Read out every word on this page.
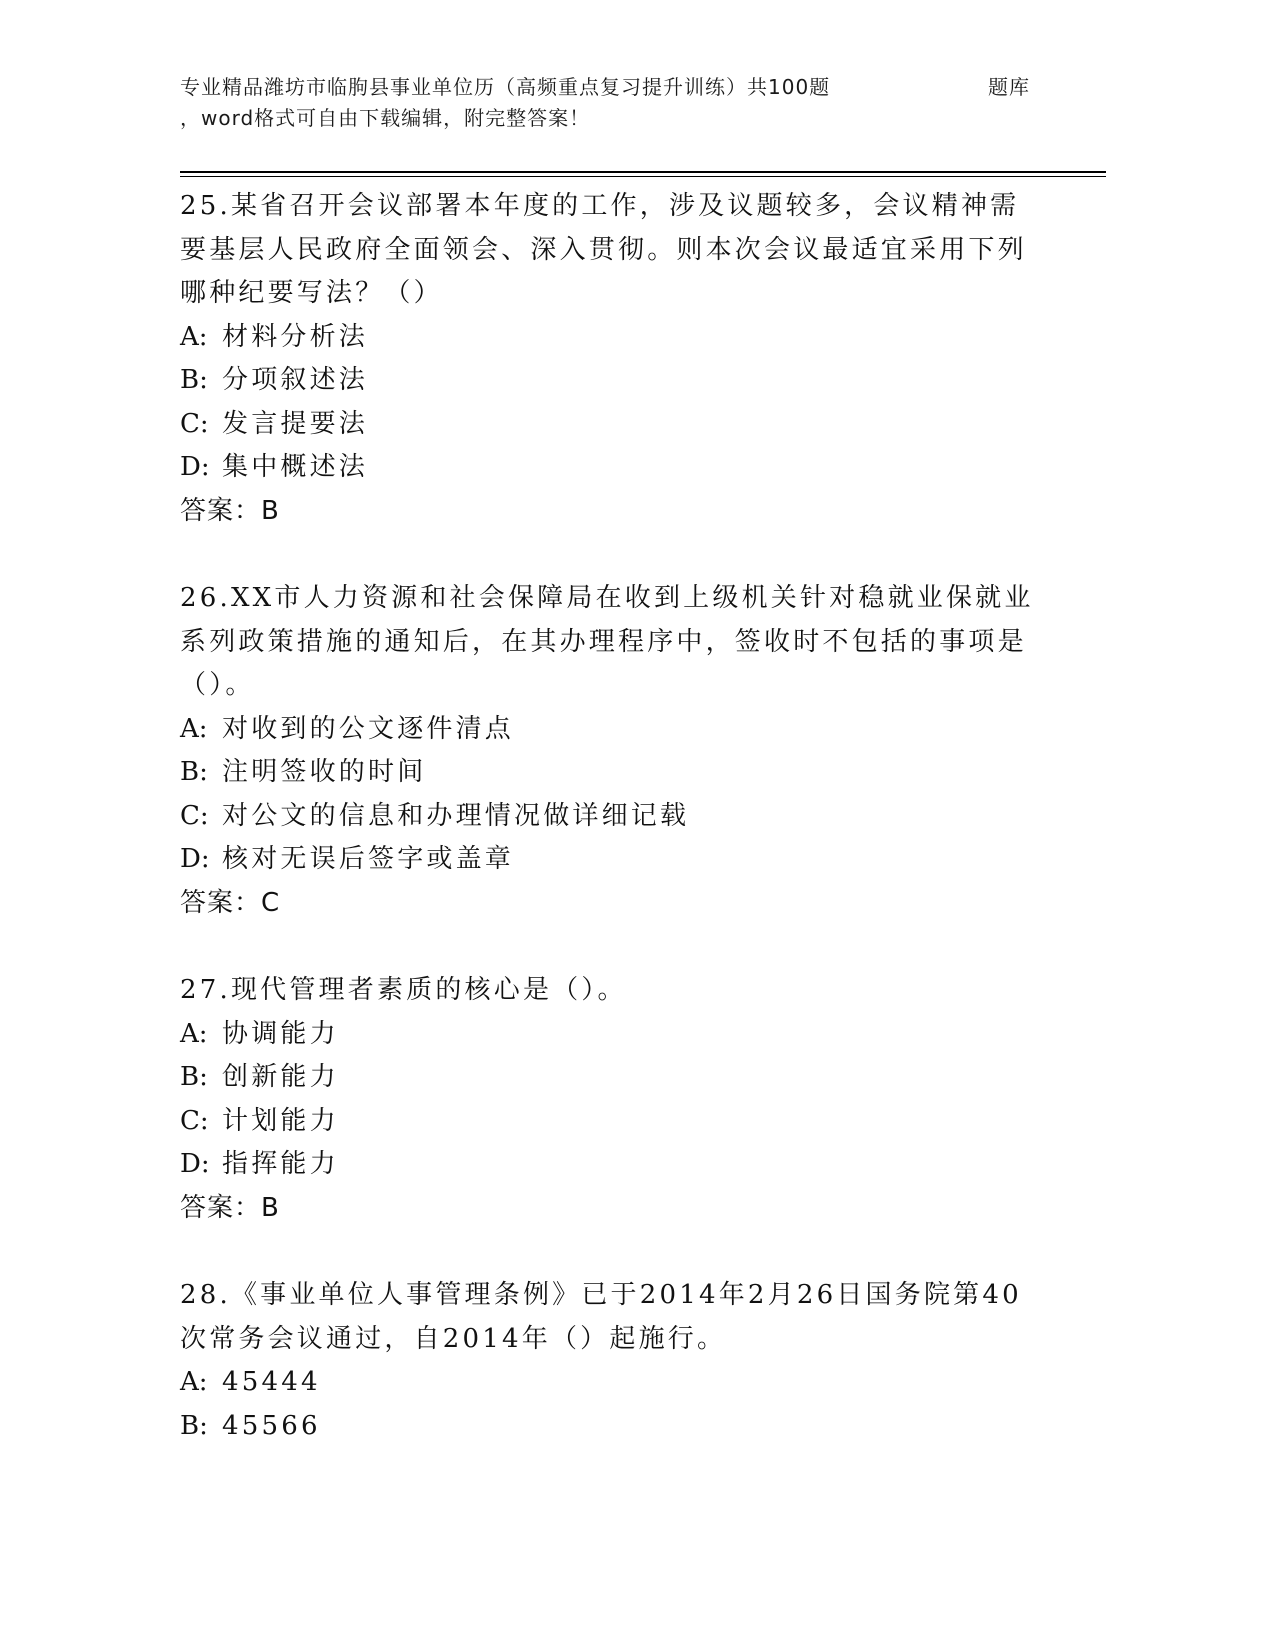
专业精品潍坊市临朐县事业单位历（高频重点复习提升训练）共100题	题库
，word格式可自由下载编辑，附完整答案！
25.某省召开会议部署本年度的工作，涉及议题较多，会议精神需要基层人民政府全面领会、深入贯彻。则本次会议最适宜采用下列哪种纪要写法？（）
A: 材料分析法
B: 分项叙述法
C: 发言提要法
D: 集中概述法
答案：B
26.XX市人力资源和社会保障局在收到上级机关针对稳就业保就业系列政策措施的通知后，在其办理程序中，签收时不包括的事项是（）。
A: 对收到的公文逐件清点
B: 注明签收的时间
C: 对公文的信息和办理情况做详细记载
D: 核对无误后签字或盖章
答案：C
27.现代管理者素质的核心是（）。
A: 协调能力
B: 创新能力
C: 计划能力
D: 指挥能力
答案：B
28.《事业单位人事管理条例》已于2014年2月26日国务院第40次常务会议通过，自2014年（）起施行。
A: 45444
B: 45566
